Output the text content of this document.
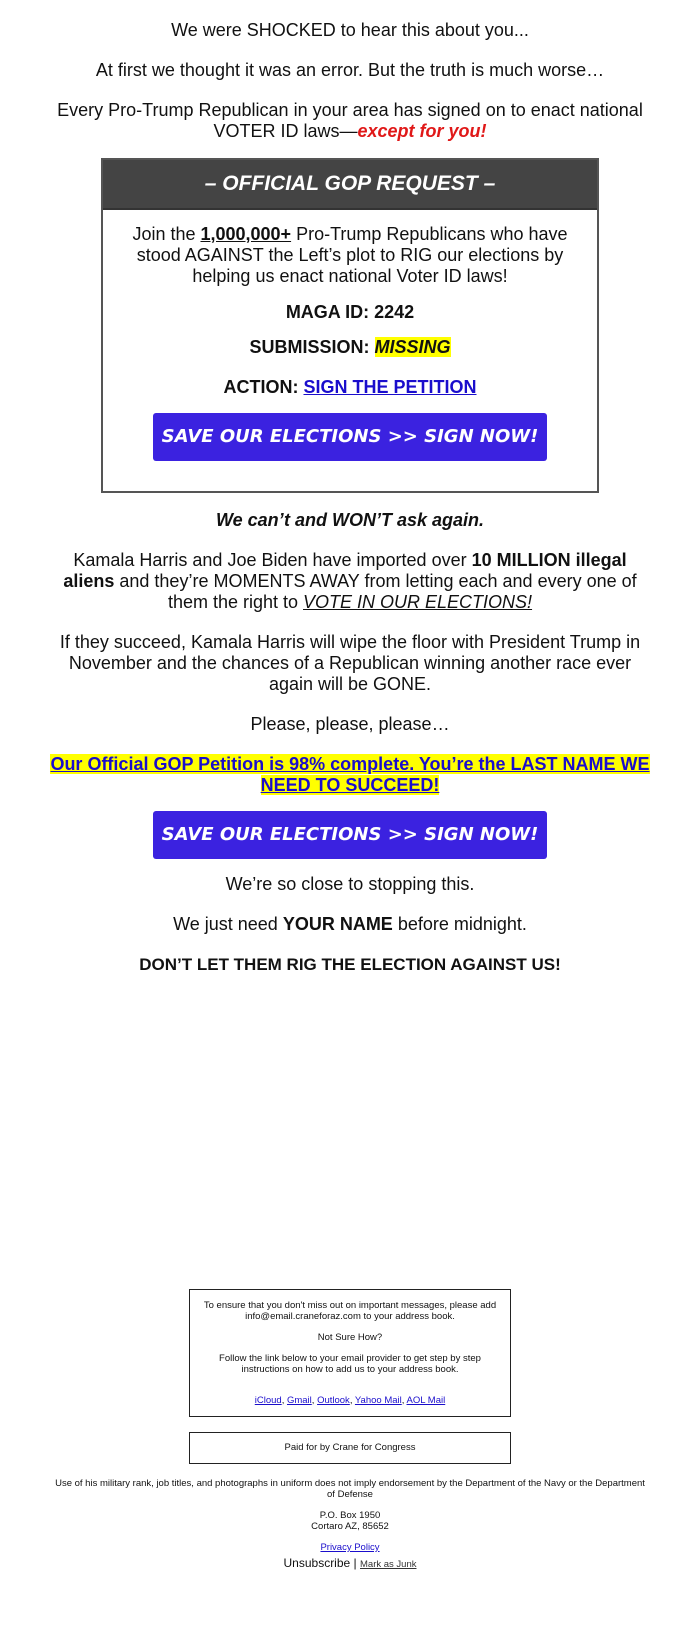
We were SHOCKED to hear this about you...

At first we thought it was an error. But the truth is much worse…

Every Pro-Trump Republican in your area has signed on to enact national VOTER ID laws—except for you!

– OFFICIAL GOP REQUEST –

Join the 1,000,000+ Pro-Trump Republicans who have stood AGAINST the Left’s plot to RIG our elections by helping us enact national Voter ID laws!

MAGA ID: 2242

SUBMISSION: MISSING

ACTION: SIGN THE PETITION

SAVE OUR ELECTIONS >> SIGN NOW!

We can’t and WON’T ask again.

Kamala Harris and Joe Biden have imported over 10 MILLION illegal aliens and they’re MOMENTS AWAY from letting each and every one of them the right to VOTE IN OUR ELECTIONS!

If they succeed, Kamala Harris will wipe the floor with President Trump in November and the chances of a Republican winning another race ever again will be GONE.

Please, please, please…

Our Official GOP Petition is 98% complete. You’re the LAST NAME WE NEED TO SUCCEED!

SAVE OUR ELECTIONS >> SIGN NOW!

We’re so close to stopping this.

We just need YOUR NAME before midnight.

DON’T LET THEM RIG THE ELECTION AGAINST US!

To ensure that you don't miss out on important messages, please add info@email.craneforaz.com to your address book.

Not Sure How?

Follow the link below to your email provider to get step by step instructions on how to add us to your address book.

iCloud, Gmail, Outlook, Yahoo Mail, AOL Mail

Paid for by Crane for Congress

Use of his military rank, job titles, and photographs in uniform does not imply endorsement by the Department of the Navy or the Department of Defense

P.O. Box 1950

Cortaro AZ, 85652

Privacy Policy

Unsubscribe | Mark as Junk
